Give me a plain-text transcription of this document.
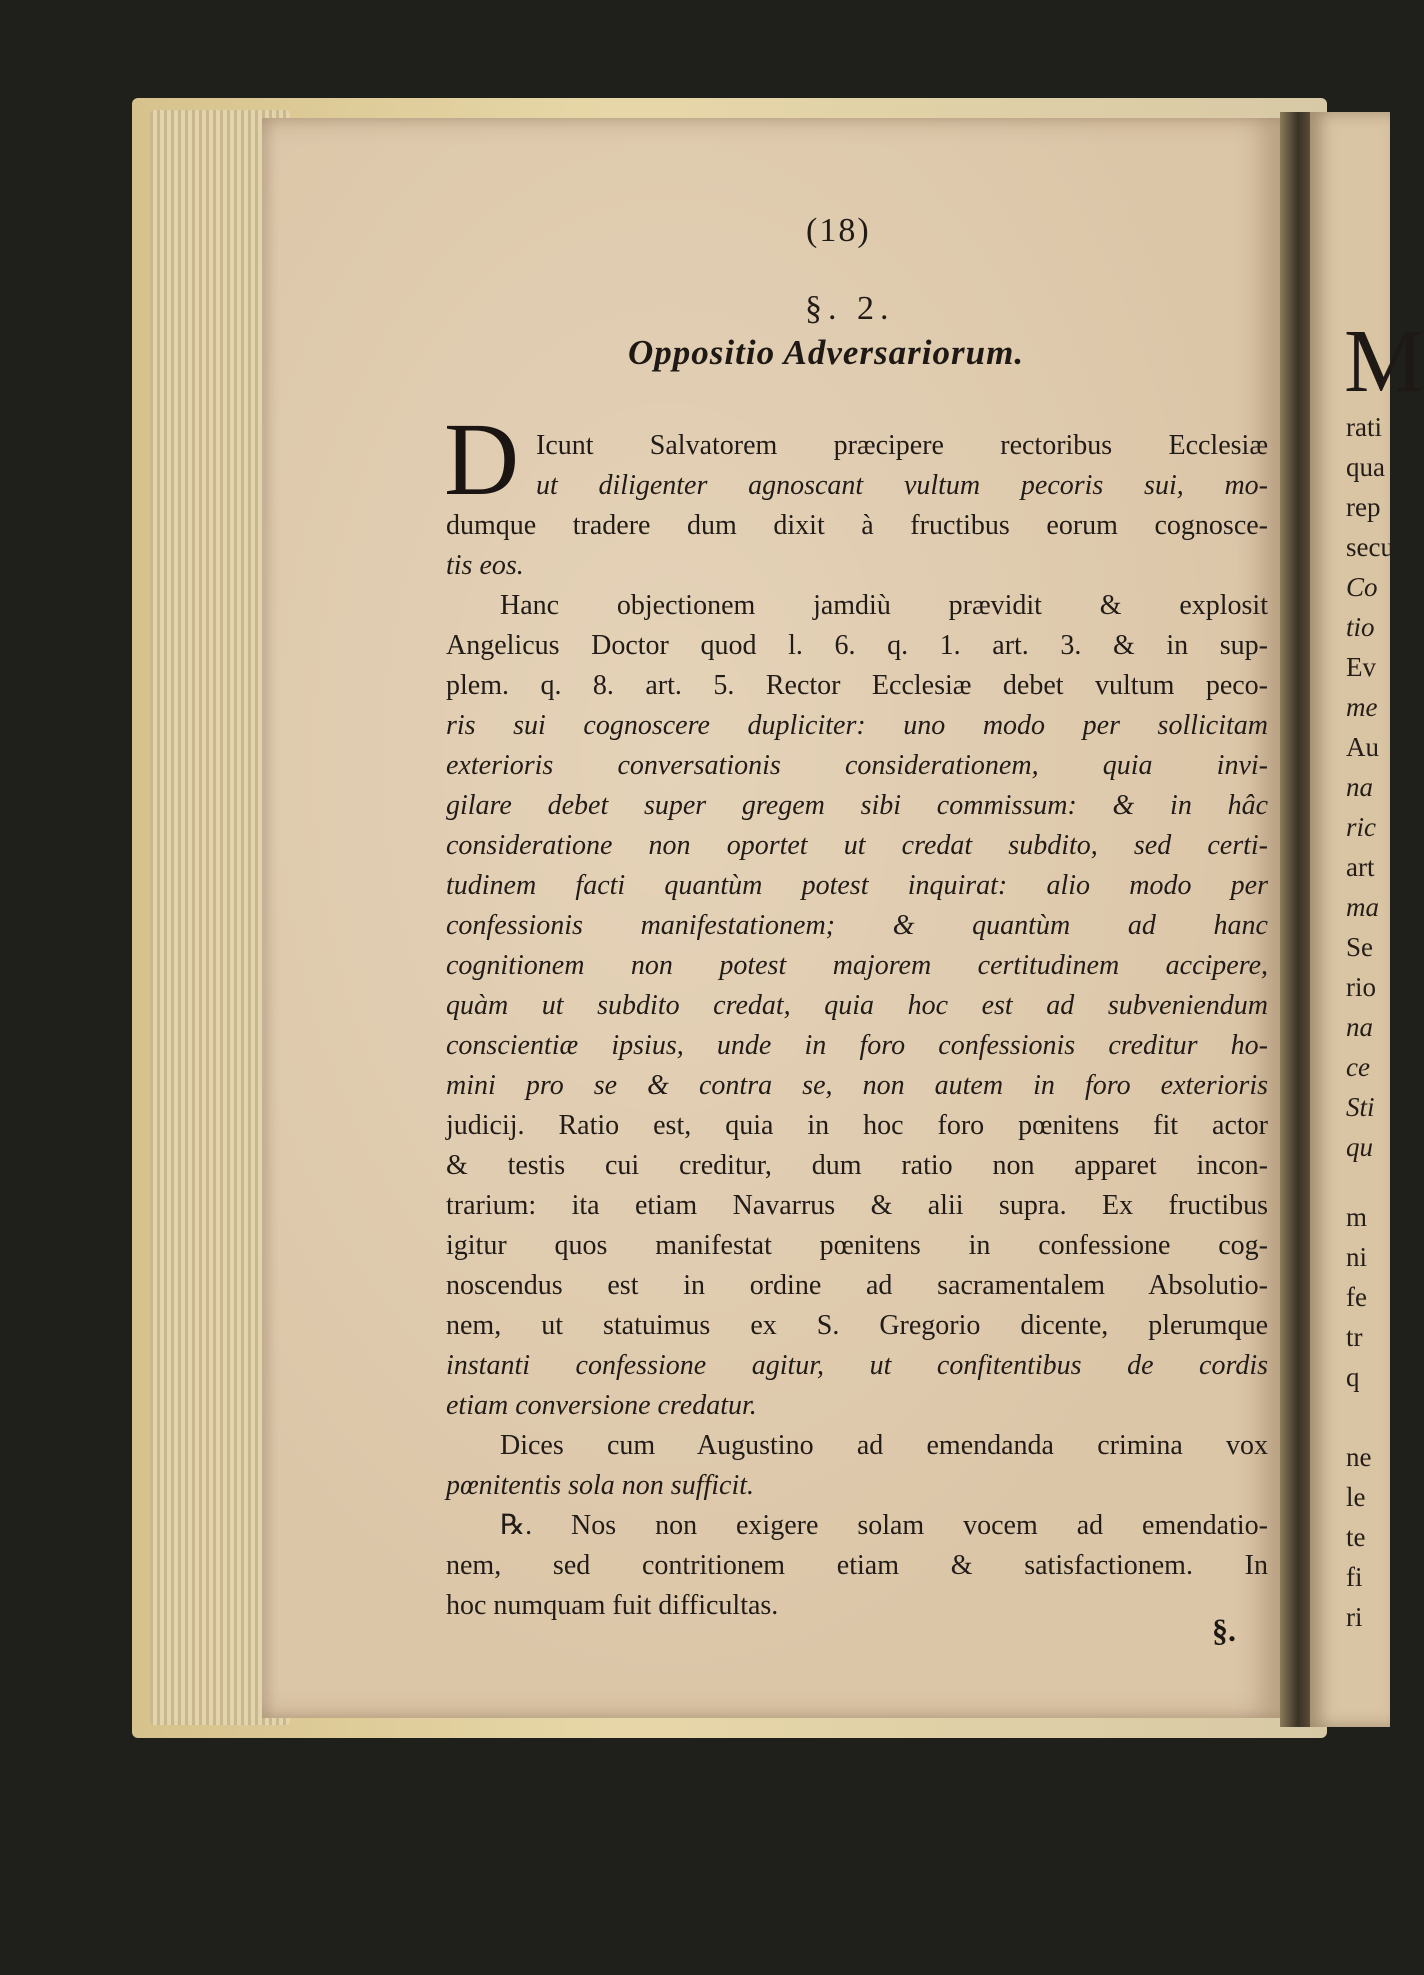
(18)
§. 2.
Oppositio Adversariorum.
D Icunt Salvatorem præcipere rectoribus Ecclesiæ
ut diligenter agnoscant vultum pecoris sui, mo-
dumque tradere dum dixit à fructibus eorum cognosce-
tis eos.
Hanc objectionem jamdiù prævidit & explosit
Angelicus Doctor quod l. 6. q. 1. art. 3. & in sup-
plem. q. 8. art. 5. Rector Ecclesiæ debet vultum peco-
ris sui cognoscere dupliciter: uno modo per sollicitam
exterioris conversationis considerationem, quia invi-
gilare debet super gregem sibi commissum: & in hâc
consideratione non oportet ut credat subdito, sed certi-
tudinem facti quantùm potest inquirat: alio modo per
confessionis manifestationem; & quantùm ad hanc
cognitionem non potest majorem certitudinem accipere,
quàm ut subdito credat, quia hoc est ad subveniendum
conscientiæ ipsius, unde in foro confessionis creditur ho-
mini pro se & contra se, non autem in foro exterioris
judicij. Ratio est, quia in hoc foro pœnitens fit actor
& testis cui creditur, dum ratio non apparet incon-
trarium: ita etiam Navarrus & alii supra. Ex fructibus
igitur quos manifestat pœnitens in confessione cog-
noscendus est in ordine ad sacramentalem Absolutio-
nem, ut statuimus ex S. Gregorio dicente, plerumque
instanti confessione agitur, ut confitentibus de cordis
etiam conversione credatur.
Dices cum Augustino ad emendanda crimina vox
pœnitentis sola non sufficit.
℞. Nos non exigere solam vocem ad emendatio-
nem, sed contritionem etiam & satisfactionem. In
hoc numquam fuit difficultas.
§.
M
rati
qua
rep
secu
Co
tio
Ev
me
Au
na
ric
art
ma
Se
rio
na
ce
Sti
qu
m
ni
fe
tr
q
ne
le
te
fi
ri
